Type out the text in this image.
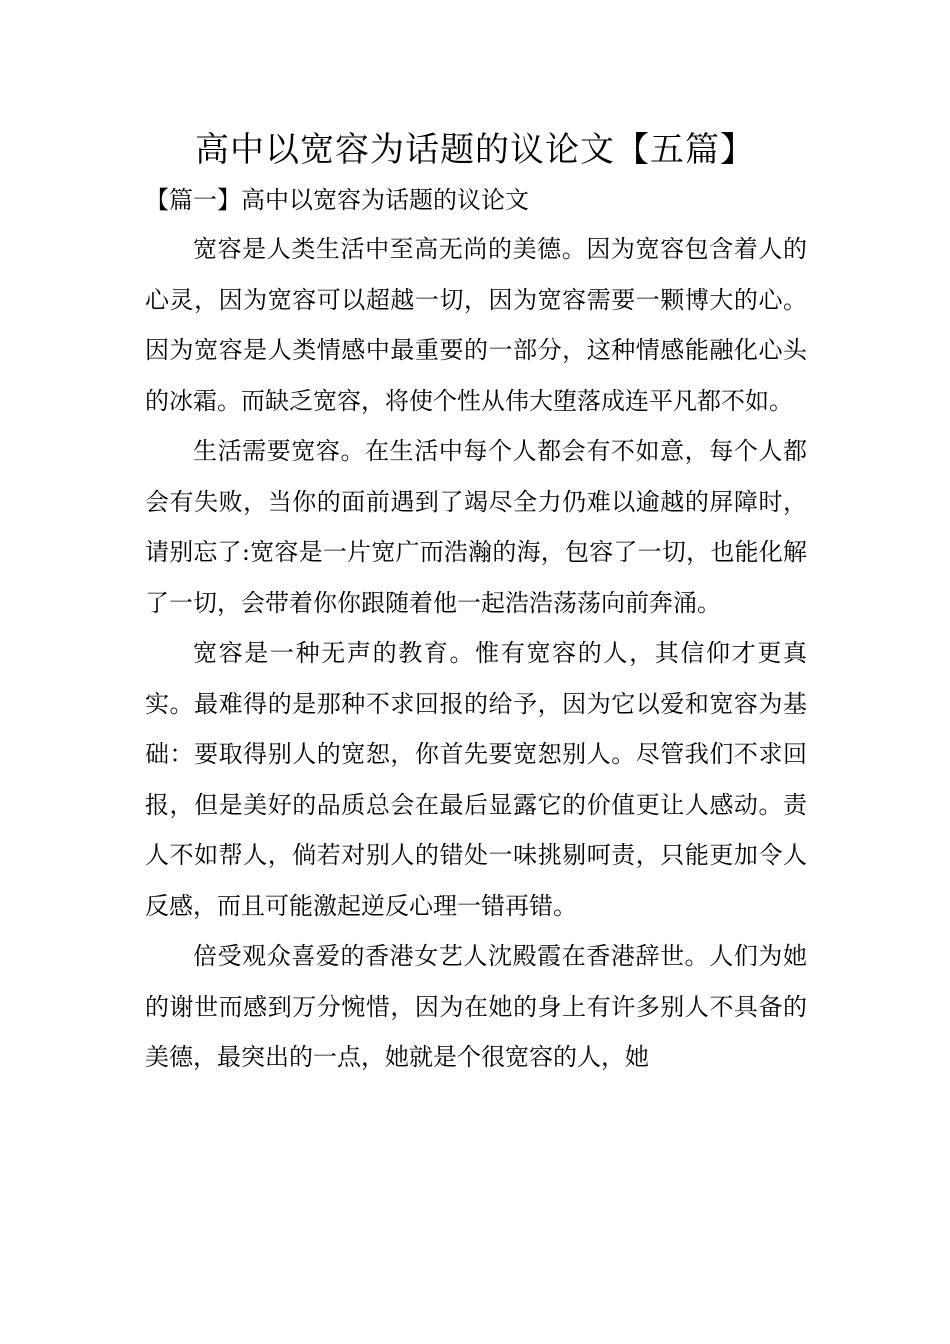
高中以宽容为话题的议论文【五篇】
【篇一】高中以宽容为话题的议论文

宽容是人类生活中至高无尚的美德。因为宽容包含着人的心灵，因为宽容可以超越一切，因为宽容需要一颗博大的心。因为宽容是人类情感中最重要的一部分，这种情感能融化心头的冰霜。而缺乏宽容，将使个性从伟大堕落成连平凡都不如。

生活需要宽容。在生活中每个人都会有不如意，每个人都会有失败，当你的面前遇到了竭尽全力仍难以逾越的屏障时，请别忘了:宽容是一片宽广而浩瀚的海，包容了一切，也能化解了一切，会带着你你跟随着他一起浩浩荡荡向前奔涌。

宽容是一种无声的教育。惟有宽容的人，其信仰才更真实。最难得的是那种不求回报的给予，因为它以爱和宽容为基础：要取得别人的宽恕，你首先要宽恕别人。尽管我们不求回报，但是美好的品质总会在最后显露它的价值更让人感动。责人不如帮人，倘若对别人的错处一味挑剔呵责，只能更加令人反感，而且可能激起逆反心理一错再错。

倍受观众喜爱的香港女艺人沈殿霞在香港辞世。人们为她的谢世而感到万分惋惜，因为在她的身上有许多别人不具备的美德，最突出的一点，她就是个很宽容的人，她
